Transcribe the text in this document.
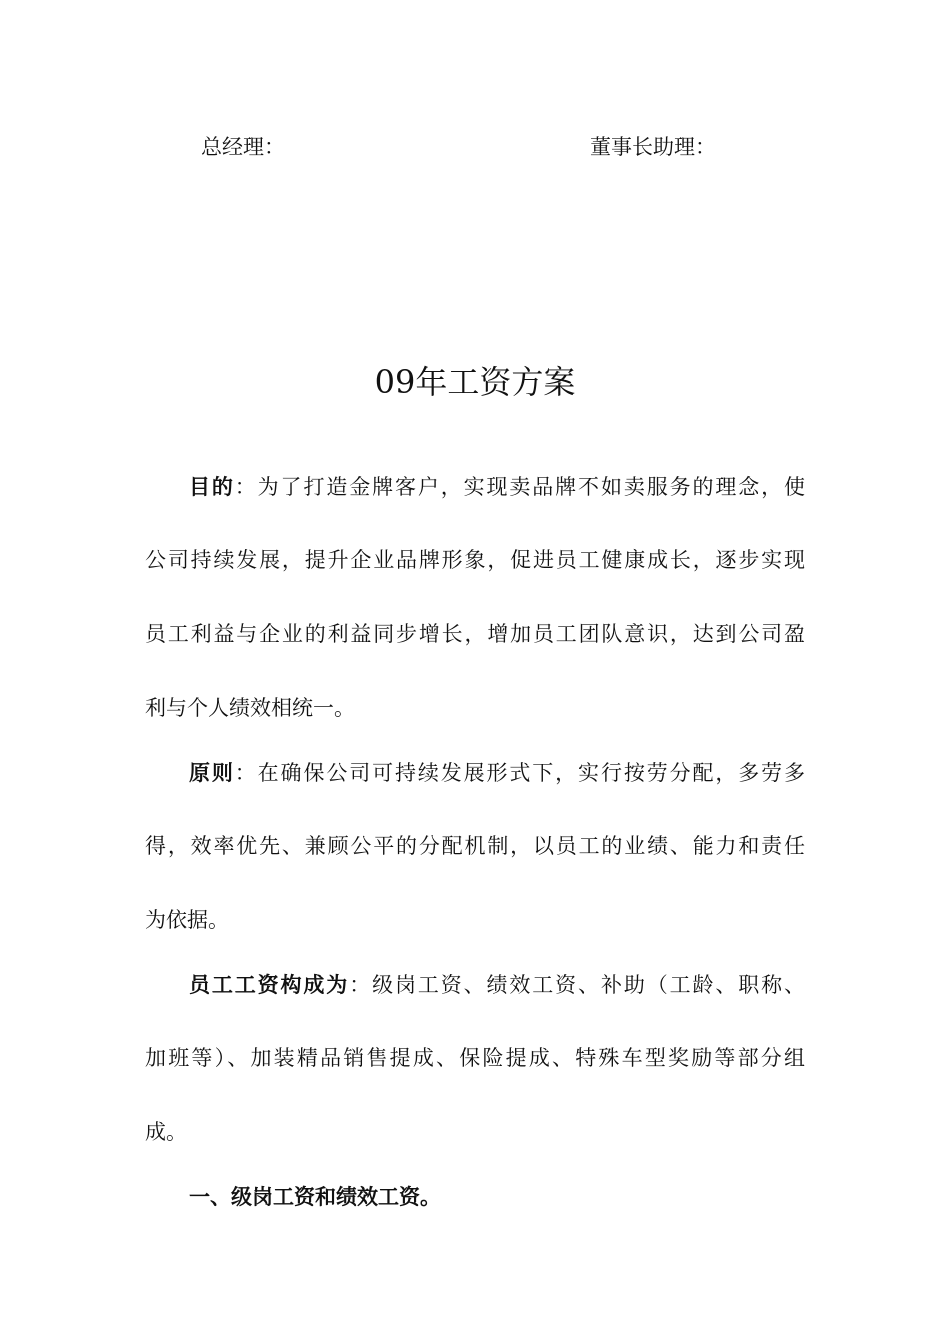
总经理：	董事长助理：
09年工资方案
目的：为了打造金牌客户，实现卖品牌不如卖服务的理念，使
公司持续发展，提升企业品牌形象，促进员工健康成长，逐步实现
员工利益与企业的利益同步增长，增加员工团队意识，达到公司盈
利与个人绩效相统一。
原则：在确保公司可持续发展形式下，实行按劳分配，多劳多
得，效率优先、兼顾公平的分配机制，以员工的业绩、能力和责任
为依据。
员工工资构成为：级岗工资、绩效工资、补助（工龄、职称、
加班等）、加装精品销售提成、保险提成、特殊车型奖励等部分组
成。
一、级岗工资和绩效工资。
